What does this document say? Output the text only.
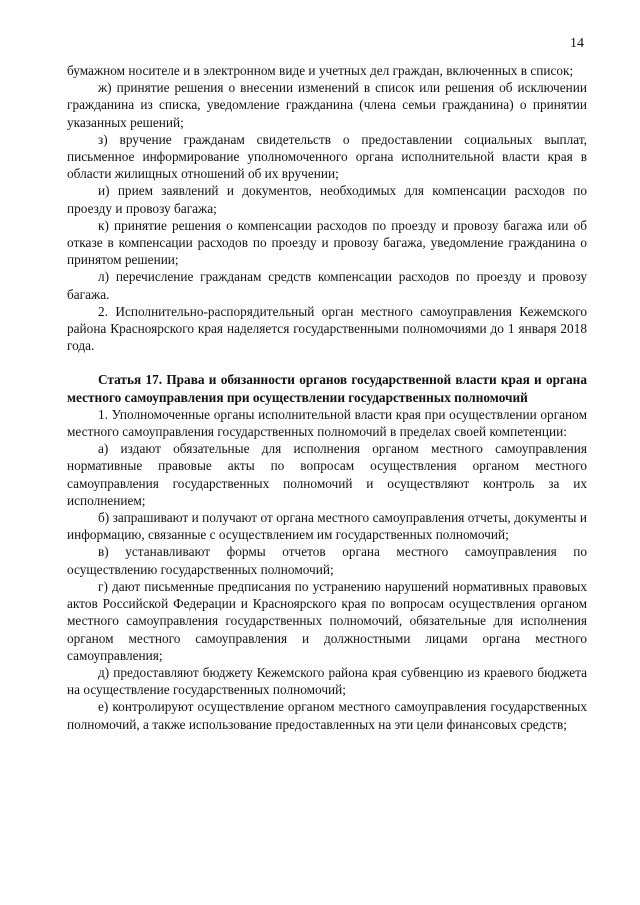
14

бумажном носителе и в электронном виде и учетных дел граждан, включенных в список;

ж) принятие решения о внесении изменений в список или решения об исключении гражданина из списка, уведомление гражданина (члена семьи гражданина) о принятии указанных решений;

з) вручение гражданам свидетельств о предоставлении социальных выплат, письменное информирование уполномоченного органа исполнительной власти края в области жилищных отношений об их вручении;

и) прием заявлений и документов, необходимых для компенсации расходов по проезду и провозу багажа;

к) принятие решения о компенсации расходов по проезду и провозу багажа или об отказе в компенсации расходов по проезду и провозу багажа, уведомление гражданина о принятом решении;

л) перечисление гражданам средств компенсации расходов по проезду и провозу багажа.

2. Исполнительно-распорядительный орган местного самоуправления Кежемского района Красноярского края наделяется государственными полномочиями до 1 января 2018 года.

Статья 17. Права и обязанности органов государственной власти края и органа местного самоуправления при осуществлении государственных полномочий

1. Уполномоченные органы исполнительной власти края при осуществлении органом местного самоуправления государственных полномочий в пределах своей компетенции:

а) издают обязательные для исполнения органом местного самоуправления нормативные правовые акты по вопросам осуществления органом местного самоуправления государственных полномочий и осуществляют контроль за их исполнением;

б) запрашивают и получают от органа местного самоуправления отчеты, документы и информацию, связанные с осуществлением им государственных полномочий;

в) устанавливают формы отчетов органа местного самоуправления по осуществлению государственных полномочий;

г) дают письменные предписания по устранению нарушений нормативных правовых актов Российской Федерации и Красноярского края по вопросам осуществления органом местного самоуправления государственных полномочий, обязательные для исполнения органом местного самоуправления и должностными лицами органа местного самоуправления;

д) предоставляют бюджету Кежемского района края субвенцию из краевого бюджета на осуществление государственных полномочий;

е) контролируют осуществление органом местного самоуправления государственных полномочий, а также использование предоставленных на эти цели финансовых средств;
